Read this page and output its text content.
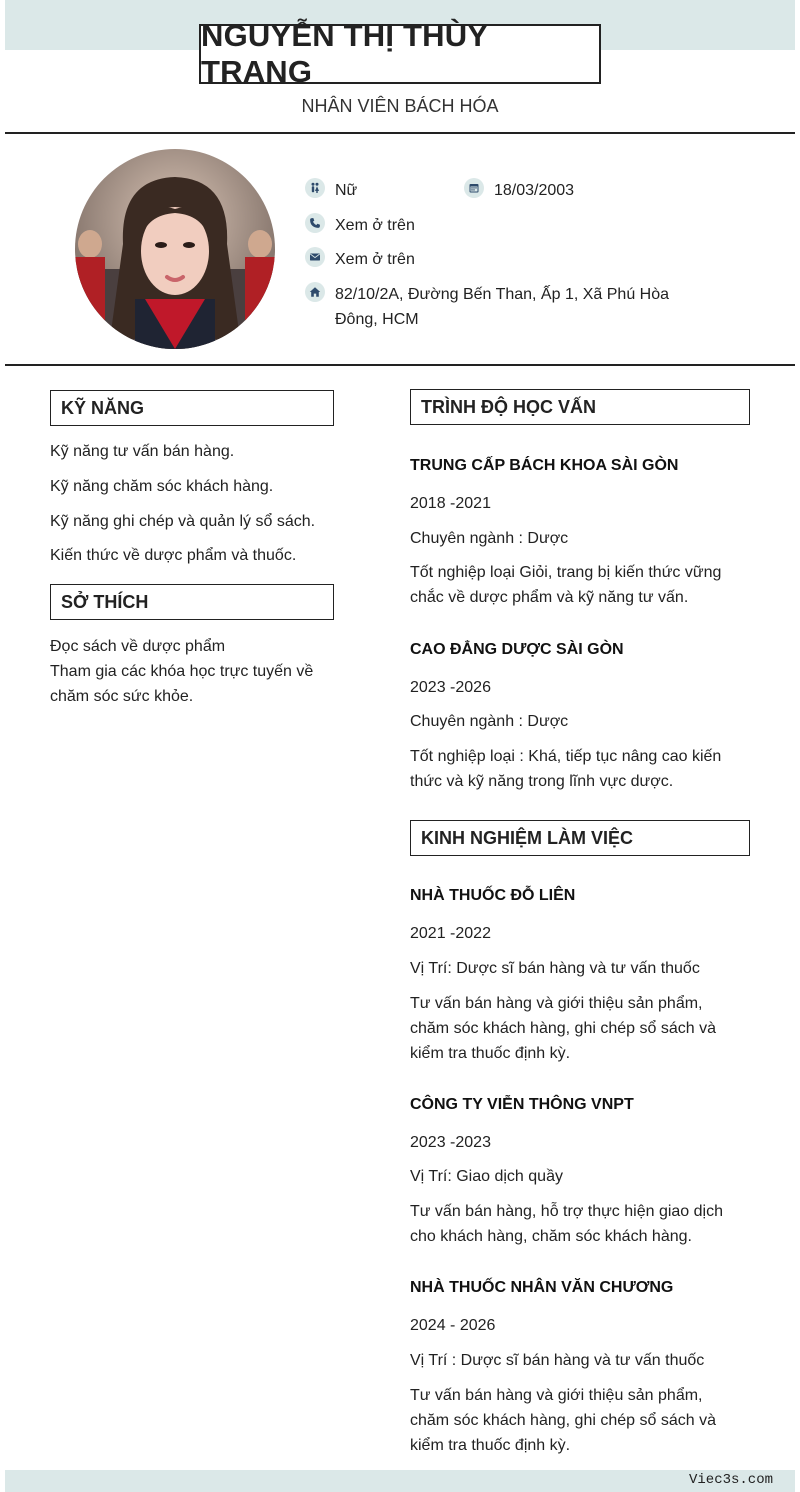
NGUYỄN THỊ THÙY TRANG
NHÂN VIÊN BÁCH HÓA
Nữ	18/03/2003
Xem ở trên
Xem ở trên
82/10/2A, Đường Bến Than, Ấp 1, Xã Phú Hòa
Đông, HCM
KỸ NĂNG
Kỹ năng tư vấn bán hàng.
Kỹ năng chăm sóc khách hàng.
Kỹ năng ghi chép và quản lý sổ sách.
Kiến thức về dược phẩm và thuốc.
SỞ THÍCH
Đọc sách về dược phẩm
Tham gia các khóa học trực tuyến về
chăm sóc sức khỏe.
TRÌNH ĐỘ HỌC VẤN
TRUNG CẤP BÁCH KHOA SÀI GÒN
2018 -2021
Chuyên ngành : Dược
Tốt nghiệp loại Giỏi, trang bị kiến thức vững
chắc về dược phẩm và kỹ năng tư vấn.
CAO ĐẲNG DƯỢC SÀI GÒN
2023 -2026
Chuyên ngành : Dược
Tốt nghiệp loại : Khá, tiếp tục nâng cao kiến
thức và kỹ năng trong lĩnh vực dược.
KINH NGHIỆM LÀM VIỆC
NHÀ THUỐC ĐỖ LIÊN
2021 -2022
Vị Trí: Dược sĩ bán hàng và tư vấn thuốc
Tư vấn bán hàng và giới thiệu sản phẩm,
chăm sóc khách hàng, ghi chép sổ sách và
kiểm tra thuốc định kỳ.
CÔNG TY VIỄN THÔNG VNPT
2023 -2023
Vị Trí: Giao dịch quầy
Tư vấn bán hàng, hỗ trợ thực hiện giao dịch
cho khách hàng, chăm sóc khách hàng.
NHÀ THUỐC NHÂN VĂN CHƯƠNG
2024 - 2026
Vị Trí : Dược sĩ bán hàng và tư vấn thuốc
Tư vấn bán hàng và giới thiệu sản phẩm,
chăm sóc khách hàng, ghi chép sổ sách và
kiểm tra thuốc định kỳ.
Viec3s.com
